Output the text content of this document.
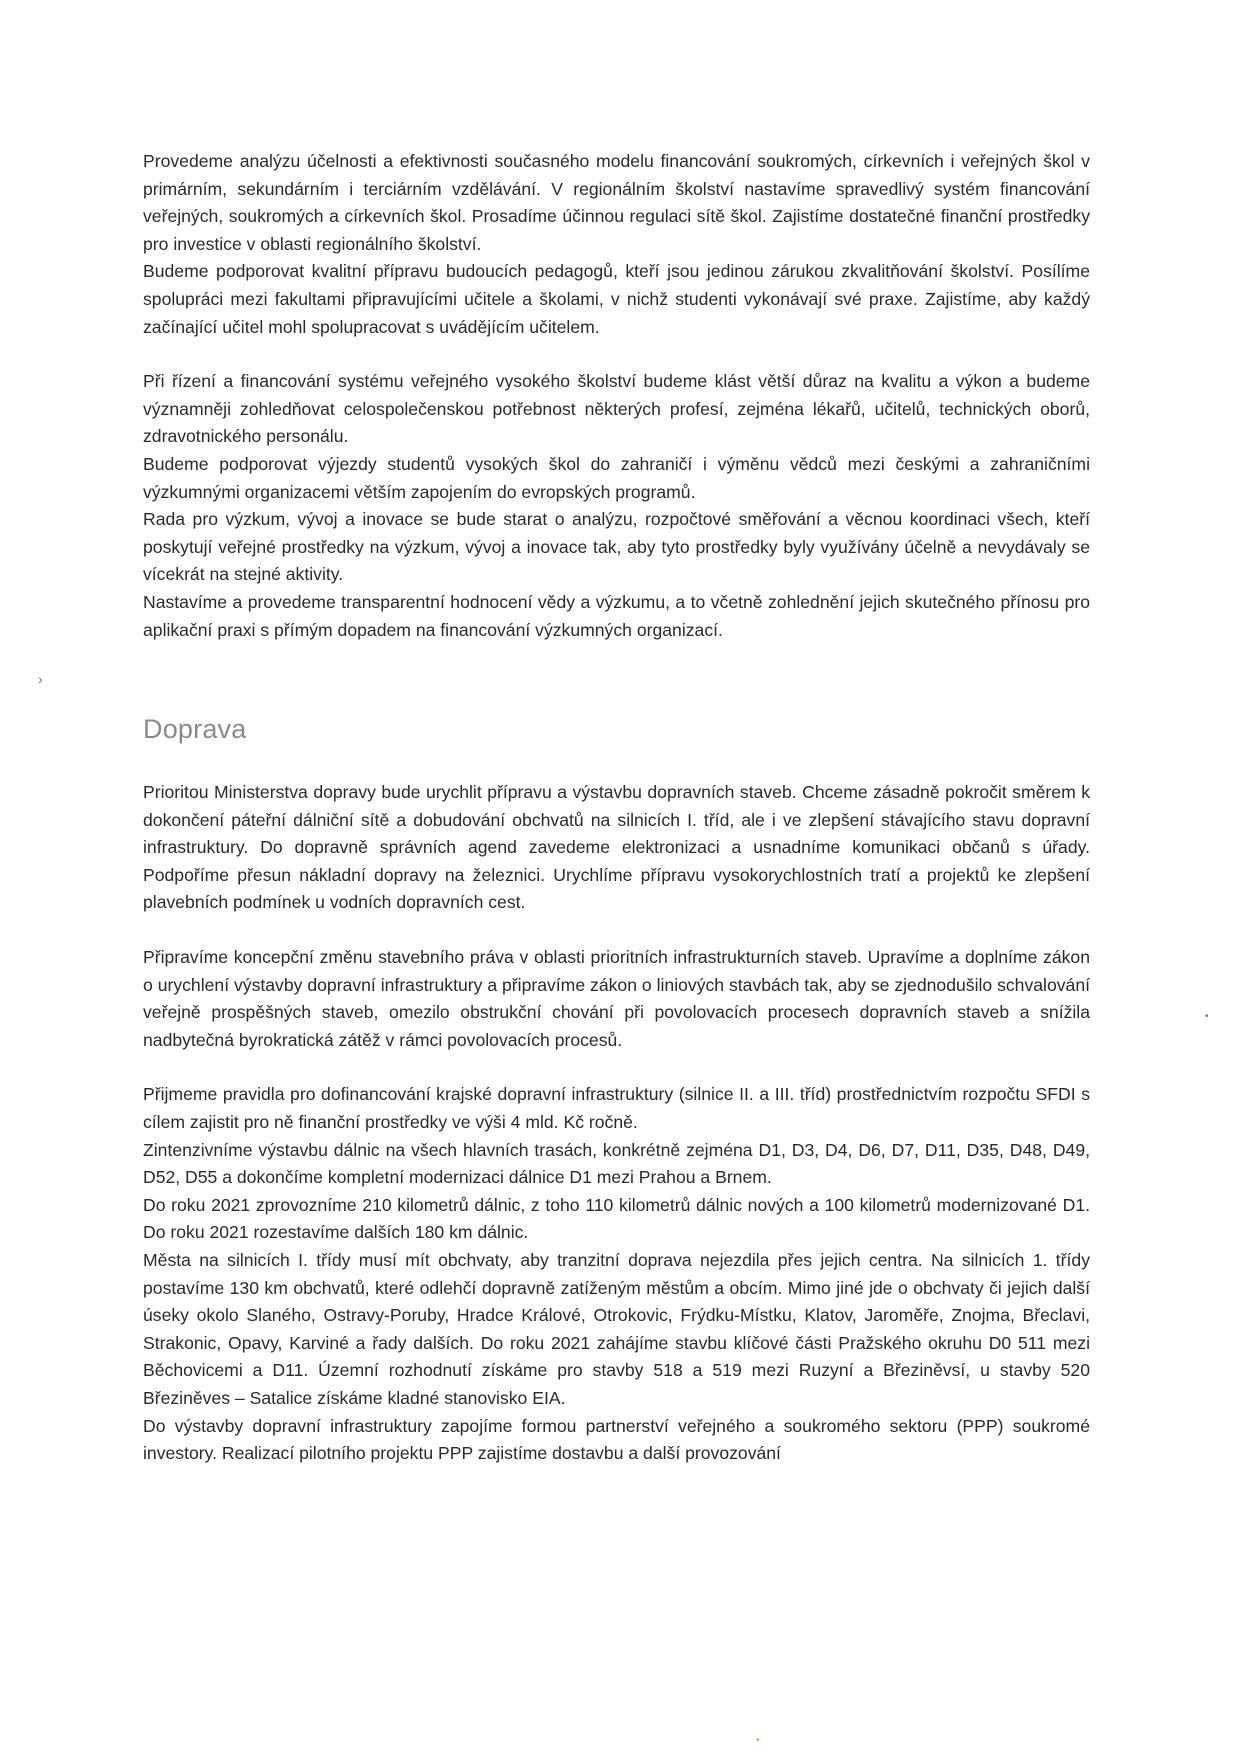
Provedeme analýzu účelnosti a efektivnosti současného modelu financování soukromých, církevních i veřejných škol v primárním, sekundárním i terciárním vzdělávání. V regionálním školství nastavíme spravedlivý systém financování veřejných, soukromých a církevních škol. Prosadíme účinnou regulaci sítě škol. Zajistíme dostatečné finanční prostředky pro investice v oblasti regionálního školství.

Budeme podporovat kvalitní přípravu budoucích pedagogů, kteří jsou jedinou zárukou zkvalitňování školství. Posílíme spolupráci mezi fakultami připravujícími učitele a školami, v nichž studenti vykonávají své praxe. Zajistíme, aby každý začínající učitel mohl spolupracovat s uvádějícím učitelem.

Při řízení a financování systému veřejného vysokého školství budeme klást větší důraz na kvalitu a výkon a budeme významněji zohledňovat celospolečenskou potřebnost některých profesí, zejména lékařů, učitelů, technických oborů, zdravotnického personálu.

Budeme podporovat výjezdy studentů vysokých škol do zahraničí i výměnu vědců mezi českými a zahraničními výzkumnými organizacemi větším zapojením do evropských programů.

Rada pro výzkum, vývoj a inovace se bude starat o analýzu, rozpočtové směřování a věcnou koordinaci všech, kteří poskytují veřejné prostředky na výzkum, vývoj a inovace tak, aby tyto prostředky byly využívány účelně a nevydávaly se vícekrát na stejné aktivity.

Nastavíme a provedeme transparentní hodnocení vědy a výzkumu, a to včetně zohlednění jejich skutečného přínosu pro aplikační praxi s přímým dopadem na financování výzkumných organizací.

Doprava

Prioritou Ministerstva dopravy bude urychlit přípravu a výstavbu dopravních staveb. Chceme zásadně pokročit směrem k dokončení páteřní dálniční sítě a dobudování obchvatů na silnicích I. tříd, ale i ve zlepšení stávajícího stavu dopravní infrastruktury. Do dopravně správních agend zavedeme elektronizaci a usnadníme komunikaci občanů s úřady. Podpoříme přesun nákladní dopravy na železnici. Urychlíme přípravu vysokorychlostních tratí a projektů ke zlepšení plavebních podmínek u vodních dopravních cest.

Připravíme koncepční změnu stavebního práva v oblasti prioritních infrastrukturních staveb. Upravíme a doplníme zákon o urychlení výstavby dopravní infrastruktury a připravíme zákon o liniových stavbách tak, aby se zjednodušilo schvalování veřejně prospěšných staveb, omezilo obstrukční chování při povolovacích procesech dopravních staveb a snížila nadbytečná byrokratická zátěž v rámci povolovacích procesů.

Přijmeme pravidla pro dofinancování krajské dopravní infrastruktury (silnice II. a III. tříd) prostřednictvím rozpočtu SFDI s cílem zajistit pro ně finanční prostředky ve výši 4 mld. Kč ročně.

Zintenzivníme výstavbu dálnic na všech hlavních trasách, konkrétně zejména D1, D3, D4, D6, D7, D11, D35, D48, D49, D52, D55 a dokončíme kompletní modernizaci dálnice D1 mezi Prahou a Brnem.

Do roku 2021 zprovozníme 210 kilometrů dálnic, z toho 110 kilometrů dálnic nových a 100 kilometrů modernizované D1. Do roku 2021 rozestavíme dalších 180 km dálnic.

Města na silnicích I. třídy musí mít obchvaty, aby tranzitní doprava nejezdila přes jejich centra. Na silnicích 1. třídy postavíme 130 km obchvatů, které odlehčí dopravně zatíženým městům a obcím. Mimo jiné jde o obchvaty či jejich další úseky okolo Slaného, Ostravy-Poruby, Hradce Králové, Otrokovic, Frýdku-Místku, Klatov, Jaroměře, Znojma, Břeclavi, Strakonic, Opavy, Karviné a řady dalších. Do roku 2021 zahájíme stavbu klíčové části Pražského okruhu D0 511 mezi Běchovicemi a D11. Územní rozhodnutí získáme pro stavby 518 a 519 mezi Ruzyní a Březiněvsí, u stavby 520 Březiněves – Satalice získáme kladné stanovisko EIA.

Do výstavby dopravní infrastruktury zapojíme formou partnerství veřejného a soukromého sektoru (PPP) soukromé investory. Realizací pilotního projektu PPP zajistíme dostavbu a další provozování

›
•
•
